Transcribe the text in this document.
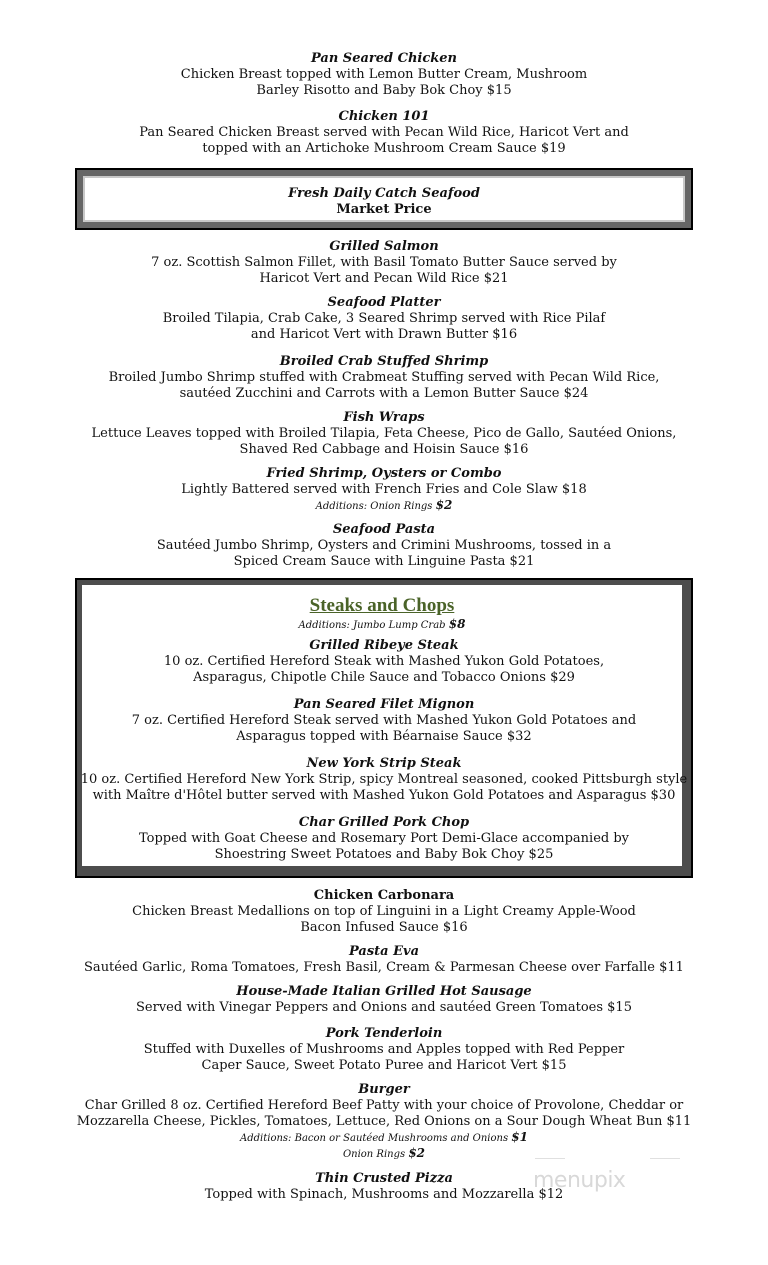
Pan Seared Chicken
Chicken Breast topped with Lemon Butter Cream, Mushroom
Barley Risotto and Baby Bok Choy $15
Chicken 101
Pan Seared Chicken Breast served with Pecan Wild Rice, Haricot Vert and
topped with an Artichoke Mushroom Cream Sauce $19
Fresh Daily Catch Seafood
Market Price
Grilled Salmon
7 oz. Scottish Salmon Fillet, with Basil Tomato Butter Sauce served by
Haricot Vert and Pecan Wild Rice $21
Seafood Platter
Broiled Tilapia, Crab Cake, 3 Seared Shrimp served with Rice Pilaf
and Haricot Vert with Drawn Butter $16
Broiled Crab Stuffed Shrimp
Broiled Jumbo Shrimp stuffed with Crabmeat Stuffing served with Pecan Wild Rice,
sautéed Zucchini and Carrots with a Lemon Butter Sauce $24
Fish Wraps
Lettuce Leaves topped with Broiled Tilapia, Feta Cheese, Pico de Gallo, Sautéed Onions,
Shaved Red Cabbage and Hoisin Sauce $16
Fried Shrimp, Oysters or Combo
Lightly Battered served with French Fries and Cole Slaw $18
Additions: Onion Rings $2
Seafood Pasta
Sautéed Jumbo Shrimp, Oysters and Crimini Mushrooms, tossed in a
Spiced Cream Sauce with Linguine Pasta $21
Steaks and Chops
Additions: Jumbo Lump Crab $8
Grilled Ribeye Steak
10 oz. Certified Hereford Steak with Mashed Yukon Gold Potatoes,
Asparagus, Chipotle Chile Sauce and Tobacco Onions $29
Pan Seared Filet Mignon
7 oz. Certified Hereford Steak served with Mashed Yukon Gold Potatoes and
Asparagus topped with Béarnaise Sauce $32
New York Strip Steak
10 oz. Certified Hereford New York Strip, spicy Montreal seasoned, cooked Pittsburgh style
with Maître d'Hôtel butter served with Mashed Yukon Gold Potatoes and Asparagus $30
Char Grilled Pork Chop
Topped with Goat Cheese and Rosemary Port Demi-Glace accompanied by
Shoestring Sweet Potatoes and Baby Bok Choy $25
Chicken Carbonara
Chicken Breast Medallions on top of Linguini in a Light Creamy Apple-Wood
Bacon Infused Sauce $16
Pasta Eva
Sautéed Garlic, Roma Tomatoes, Fresh Basil, Cream & Parmesan Cheese over Farfalle $11
House-Made Italian Grilled Hot Sausage
Served with Vinegar Peppers and Onions and sautéed Green Tomatoes $15
Pork Tenderloin
Stuffed with Duxelles of Mushrooms and Apples topped with Red Pepper
Caper Sauce, Sweet Potato Puree and Haricot Vert $15
Burger
Char Grilled 8 oz. Certified Hereford Beef Patty with your choice of Provolone, Cheddar or
Mozzarella Cheese, Pickles, Tomatoes, Lettuce, Red Onions on a Sour Dough Wheat Bun $11
Additions: Bacon or Sautéed Mushrooms and Onions $1
Onion Rings $2
Thin Crusted Pizza
Topped with Spinach, Mushrooms and Mozzarella $12
menupix
